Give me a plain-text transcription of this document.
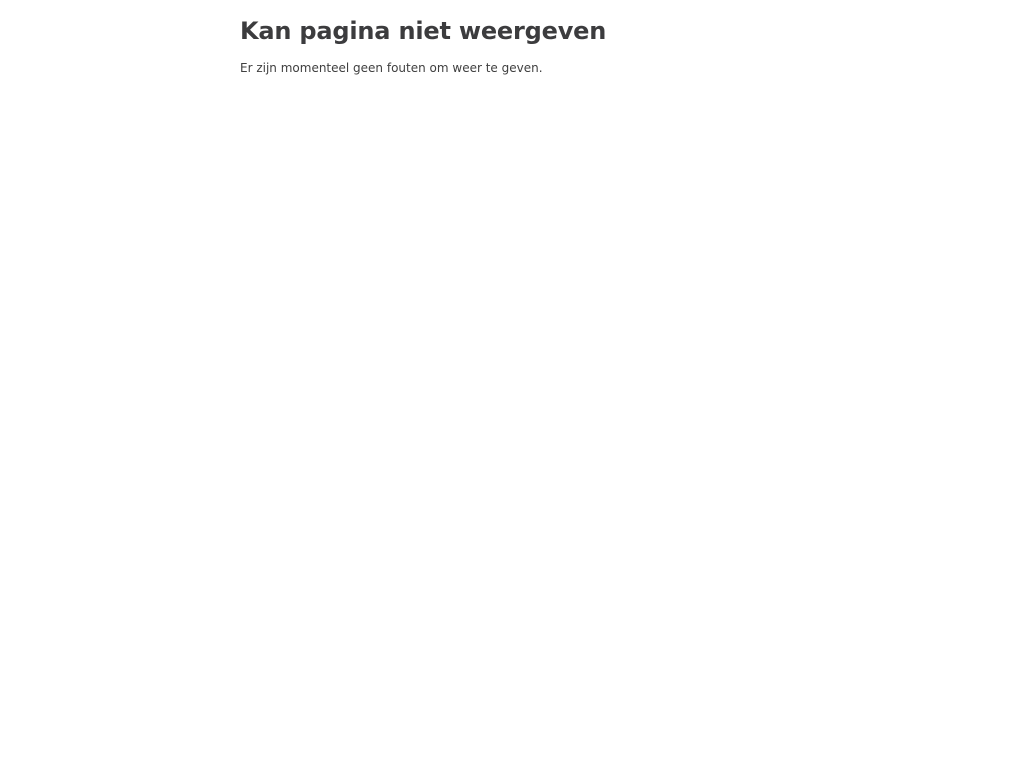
Kan pagina niet weergeven

Er zijn momenteel geen fouten om weer te geven.
